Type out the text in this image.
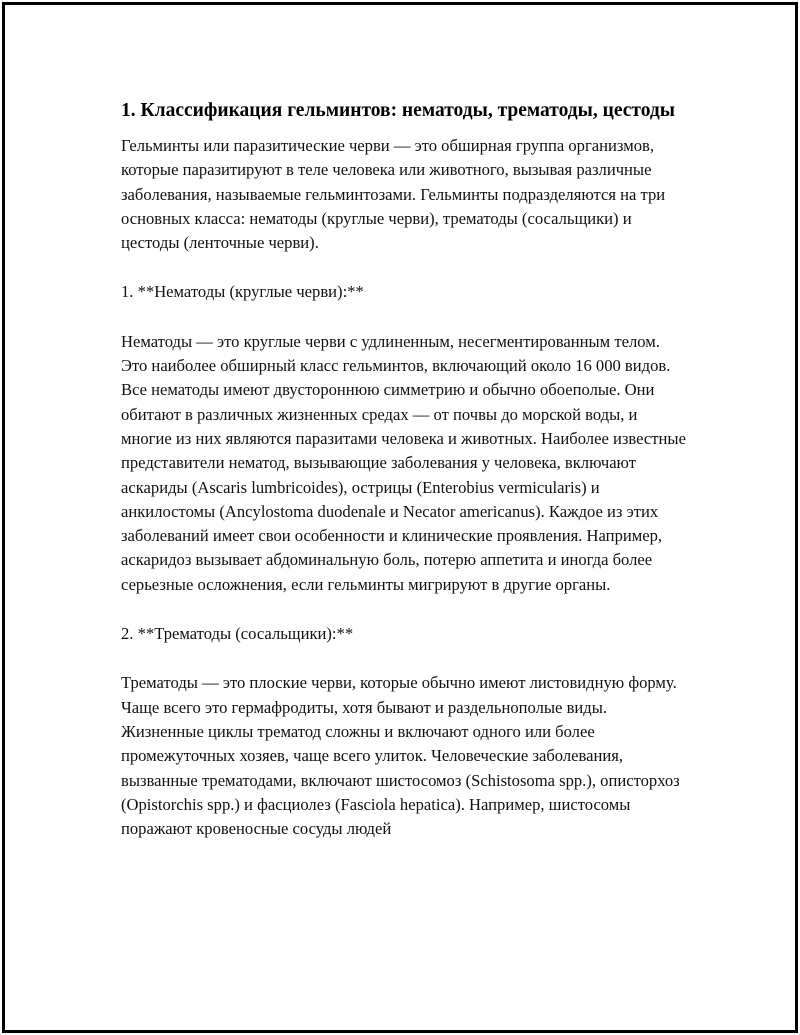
1. Классификация гельминтов: нематоды, трематоды, цестоды

Гельминты или паразитические черви — это обширная группа организмов, которые паразитируют в теле человека или животного, вызывая различные заболевания, называемые гельминтозами. Гельминты подразделяются на три основных класса: нематоды (круглые черви), трематоды (сосальщики) и цестоды (ленточные черви).

1. **Нематоды (круглые черви):**

Нематоды — это круглые черви с удлиненным, несегментированным телом. Это наиболее обширный класс гельминтов, включающий около 16 000 видов. Все нематоды имеют двустороннюю симметрию и обычно обоеполые. Они обитают в различных жизненных средах — от почвы до морской воды, и многие из них являются паразитами человека и животных. Наиболее известные представители нематод, вызывающие заболевания у человека, включают аскариды (Ascaris lumbricoides), острицы (Enterobius vermicularis) и анкилостомы (Ancylostoma duodenale и Necator americanus). Каждое из этих заболеваний имеет свои особенности и клинические проявления. Например, аскаридоз вызывает абдоминальную боль, потерю аппетита и иногда более серьезные осложнения, если гельминты мигрируют в другие органы.

2. **Трематоды (сосальщики):**

Трематоды — это плоские черви, которые обычно имеют листовидную форму. Чаще всего это гермафродиты, хотя бывают и раздельнополые виды. Жизненные циклы трематод сложны и включают одного или более промежуточных хозяев, чаще всего улиток. Человеческие заболевания, вызванные трематодами, включают шистосомоз (Schistosoma spp.), описторхоз (Opistorchis spp.) и фасциолез (Fasciola hepatica). Например, шистосомы поражают кровеносные сосуды людей
